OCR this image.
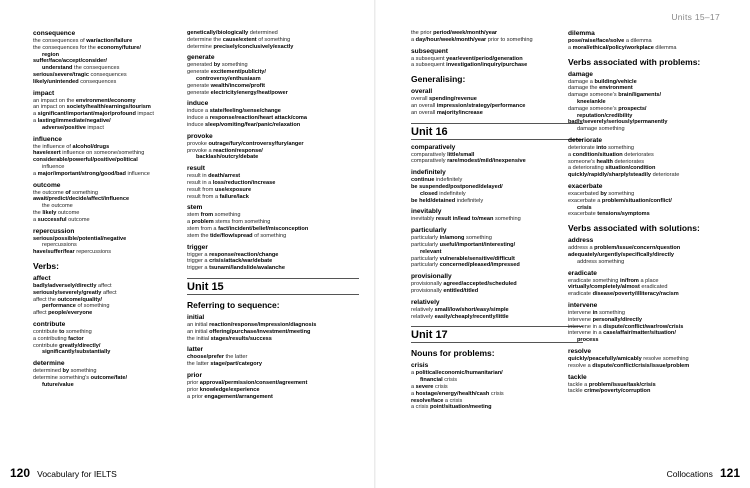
Units 15–17
consequence
the consequences of war/action/failure
the consequences for the economy/future/
region
suffer/face/accept/consider/
understand the consequences
serious/severe/tragic consequences
likely/unintended consequences
impact
an impact on the environment/economy
an impact on society/health/earnings/tourism
a significant/important/major/profound impact
a lasting/immediate/negative/
adverse/positive impact
influence
the influence of alcohol/drugs
have/exert influence on someone/something
considerable/powerful/positive/political
influence
a major/important/strong/good/bad influence
outcome
the outcome of something
await/predict/decide/affect/influence
the outcome
the likely outcome
a successful outcome
repercussion
serious/possible/potential/negative
repercussions
have/suffer/fear repercussions
Verbs:
affect
badly/adversely/directly affect
seriously/severely/greatly affect
affect the outcome/quality/
performance of something
affect people/everyone
contribute
contribute to something
a contributing factor
contribute greatly/directly/
significantly/substantially
determine
determined by something
determine something's outcome/fate/
future/value
genetically/biologically determined
determine the cause/extent of something
determine precisely/conclusively/exactly
generate
generated by something
generate excitement/publicity/
controversy/enthusiasm
generate wealth/income/profit
generate electricity/energy/heat/power
induce
induce a state/feeling/sense/change
induce a response/reaction/heart attack/coma
induce sleep/vomiting/fear/panic/relaxation
provoke
provoke outrage/fury/controversy/fury/anger
provoke a reaction/response/
backlash/outcry/debate
result
result in death/arrest
result in a loss/reduction/increase
result from use/exposure
result from a failure/lack
stem
stem from something
a problem stems from something
stem from a fact/incident/belief/misconception
stem the tide/flow/spread of something
trigger
trigger a response/reaction/change
trigger a crisis/attack/war/debate
trigger a tsunami/landslide/avalanche
Unit 15
Referring to sequence:
initial
an initial reaction/response/impression/diagnosis
an initial offering/purchase/investment/meeting
the initial stages/results/success
latter
choose/prefer the latter
the latter stage/part/category
prior
prior approval/permission/consent/agreement
prior knowledge/experience
a prior engagement/arrangement
the prior period/week/month/year
a day/hour/week/month/year prior to something
subsequent
a subsequent year/event/period/generation
a subsequent investigation/inquiry/purchase
Generalising:
overall
overall spending/revenue
an overall impression/strategy/performance
an overall majority/increase
Unit 16
comparatively
comparatively little/small
comparatively rare/modest/mild/inexpensive
indefinitely
continue indefinitely
be suspended/postponed/delayed/
closed indefinitely
be held/detained indefinitely
inevitably
inevitably result in/lead to/mean something
particularly
particularly in/among something
particularly useful/important/interesting/
relevant
particularly vulnerable/sensitive/difficult
particularly concerned/pleased/impressed
provisionally
provisionally agreed/accepted/scheduled
provisionally entitled/titled
relatively
relatively small/low/short/easy/simple
relatively easily/cheaply/recently/little
Unit 17
Nouns for problems:
crisis
a political/economic/humanitarian/
financial crisis
a severe crisis
a hostage/energy/health/cash crisis
resolve/face a crisis
a crisis point/situation/meeting
dilemma
pose/raise/face/solve a dilemma
a moral/ethical/policy/workplace dilemma
Verbs associated with problems:
damage
damage a building/vehicle
damage the environment
damage someone's brain/ligaments/
knee/ankle
damage someone's prospects/
reputation/credibility
badly/severely/seriously/permanently
damage something
deteriorate
deteriorate into something
a condition/situation deteriorates
someone's health deteriorates
a deteriorating situation/condition
quickly/rapidly/sharply/steadily deteriorate
exacerbate
exacerbated by something
exacerbate a problem/situation/conflict/
crisis
exacerbate tensions/symptoms
Verbs associated with solutions:
address
address a problem/issue/concern/question
adequately/urgently/specifically/directly
address something
eradicate
eradicate something in/from a place
virtually/completely/almost eradicated
eradicate disease/poverty/illiteracy/racism
intervene
intervene in something
intervene personally/directly
intervene in a dispute/conflict/war/row/crisis
intervene in a case/affair/matter/situation/
process
resolve
quickly/peacefully/amicably resolve something
resolve a dispute/conflict/crisis/issue/problem
tackle
tackle a problem/issue/task/crisis
tackle crime/poverty/corruption
120 Vocabulary for IELTS	Collocations 121
